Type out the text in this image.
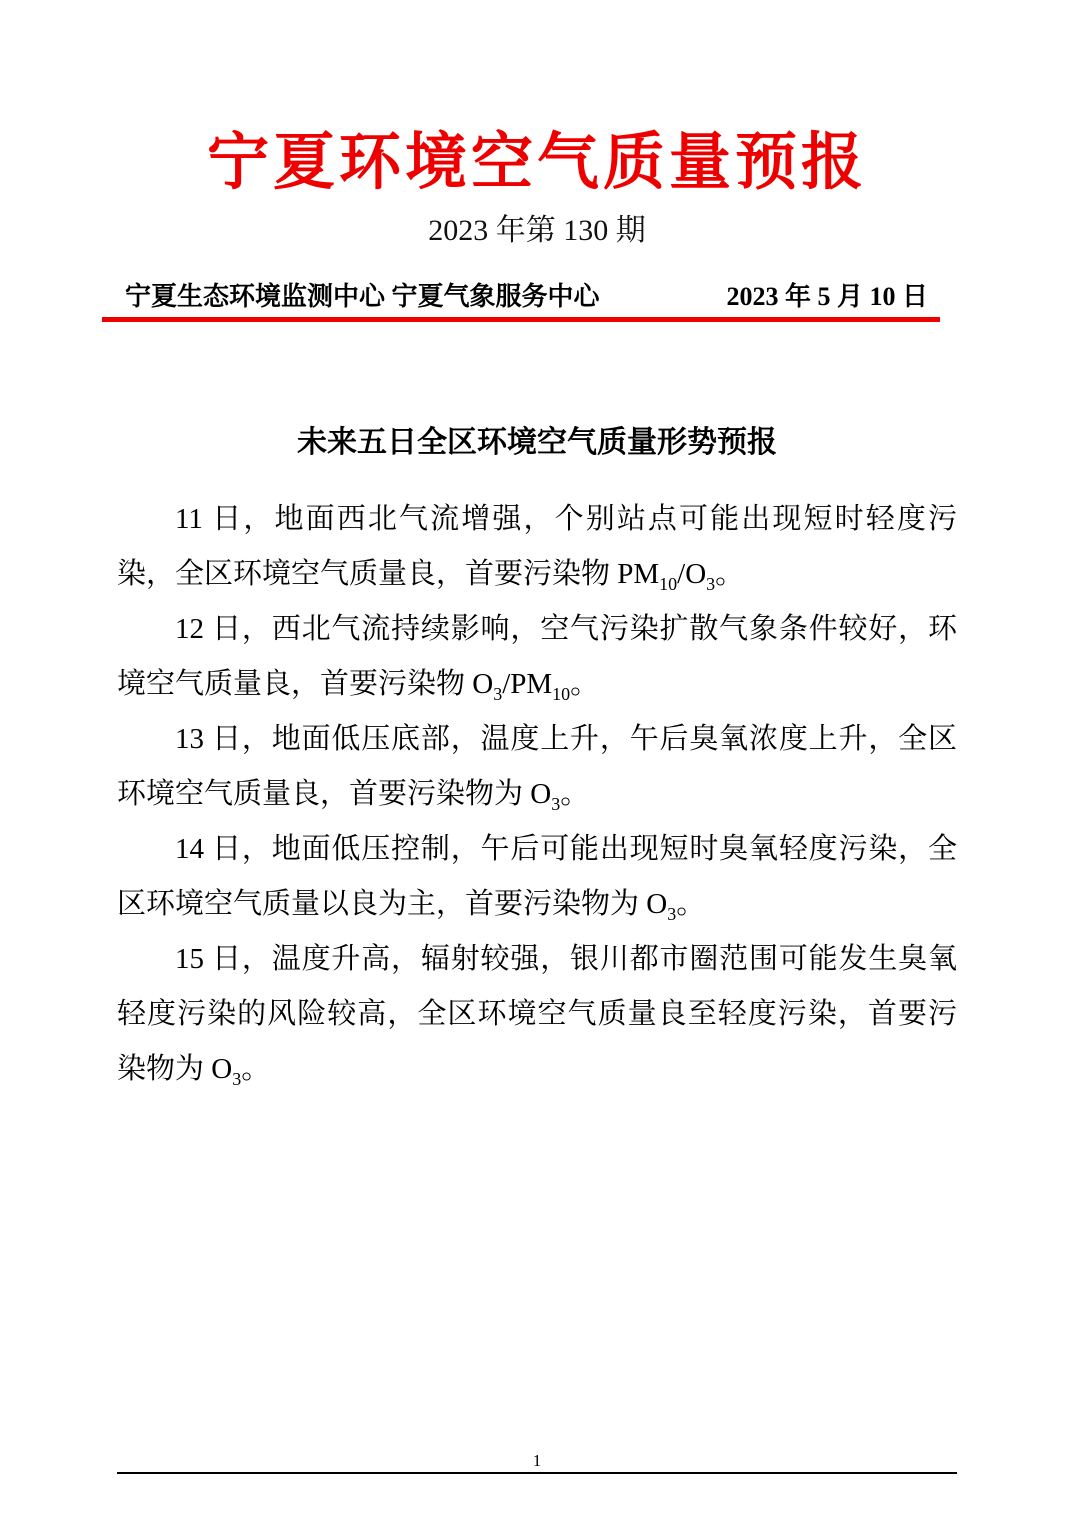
宁夏环境空气质量预报
2023 年第 130 期
宁夏生态环境监测中心 宁夏气象服务中心	2023 年 5 月 10 日
未来五日全区环境空气质量形势预报

11 日，地面西北气流增强，个别站点可能出现短时轻度污染，全区环境空气质量良，首要污染物 $PM_{10}/O_3$。

12 日，西北气流持续影响，空气污染扩散气象条件较好，环境空气质量良，首要污染物 $O_3/PM_{10}$。

13 日，地面低压底部，温度上升，午后臭氧浓度上升，全区环境空气质量良，首要污染物为 $O_3$。

14 日，地面低压控制，午后可能出现短时臭氧轻度污染，全区环境空气质量以良为主，首要污染物为 $O_3$。

15 日，温度升高，辐射较强，银川都市圈范围可能发生臭氧轻度污染的风险较高，全区环境空气质量良至轻度污染，首要污染物为 $O_3$。

1
